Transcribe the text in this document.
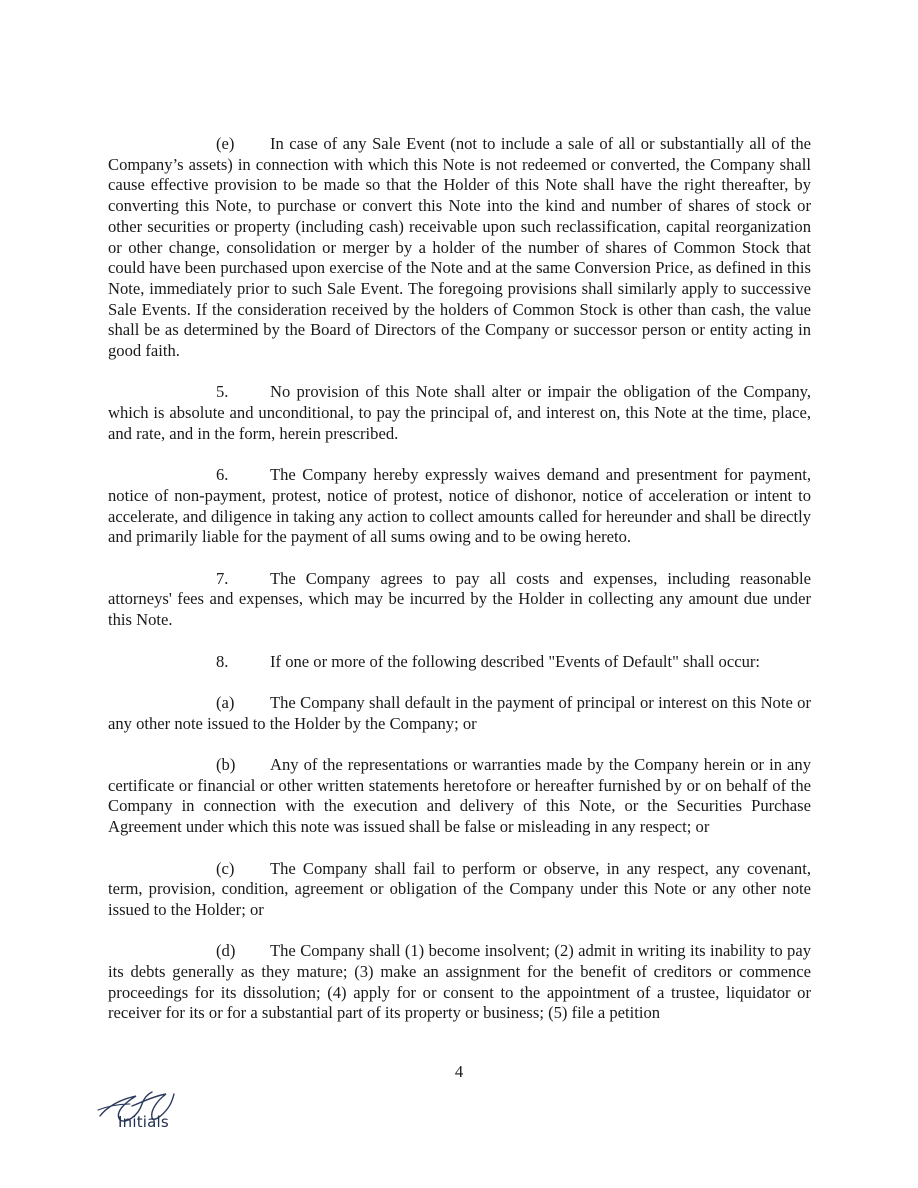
(e) In case of any Sale Event (not to include a sale of all or substantially all of the Company’s assets) in connection with which this Note is not redeemed or converted, the Company shall cause effective provision to be made so that the Holder of this Note shall have the right thereafter, by converting this Note, to purchase or convert this Note into the kind and number of shares of stock or other securities or property (including cash) receivable upon such reclassification, capital reorganization or other change, consolidation or merger by a holder of the number of shares of Common Stock that could have been purchased upon exercise of the Note and at the same Conversion Price, as defined in this Note, immediately prior to such Sale Event. The foregoing provisions shall similarly apply to successive Sale Events. If the consideration received by the holders of Common Stock is other than cash, the value shall be as determined by the Board of Directors of the Company or successor person or entity acting in good faith.

5.	No provision of this Note shall alter or impair the obligation of the Company, which is absolute and unconditional, to pay the principal of, and interest on, this Note at the time, place, and rate, and in the form, herein prescribed.

6.	The Company hereby expressly waives demand and presentment for payment, notice of non-payment, protest, notice of protest, notice of dishonor, notice of acceleration or intent to accelerate, and diligence in taking any action to collect amounts called for hereunder and shall be directly and primarily liable for the payment of all sums owing and to be owing hereto.

7.	The Company agrees to pay all costs and expenses, including reasonable attorneys' fees and expenses, which may be incurred by the Holder in collecting any amount due under this Note.

8.	If one or more of the following described "Events of Default" shall occur:

(a) The Company shall default in the payment of principal or interest on this Note or any other note issued to the Holder by the Company; or

(b) Any of the representations or warranties made by the Company herein or in any certificate or financial or other written statements heretofore or hereafter furnished by or on behalf of the Company in connection with the execution and delivery of this Note, or the Securities Purchase Agreement under which this note was issued shall be false or misleading in any respect; or

(c) The Company shall fail to perform or observe, in any respect, any covenant, term, provision, condition, agreement or obligation of the Company under this Note or any other note issued to the Holder; or

(d) The Company shall (1) become insolvent; (2) admit in writing its inability to pay its debts generally as they mature; (3) make an assignment for the benefit of creditors or commence proceedings for its dissolution; (4) apply for or consent to the appointment of a trustee, liquidator or receiver for its or for a substantial part of its property or business; (5) file a petition

4
Initials
